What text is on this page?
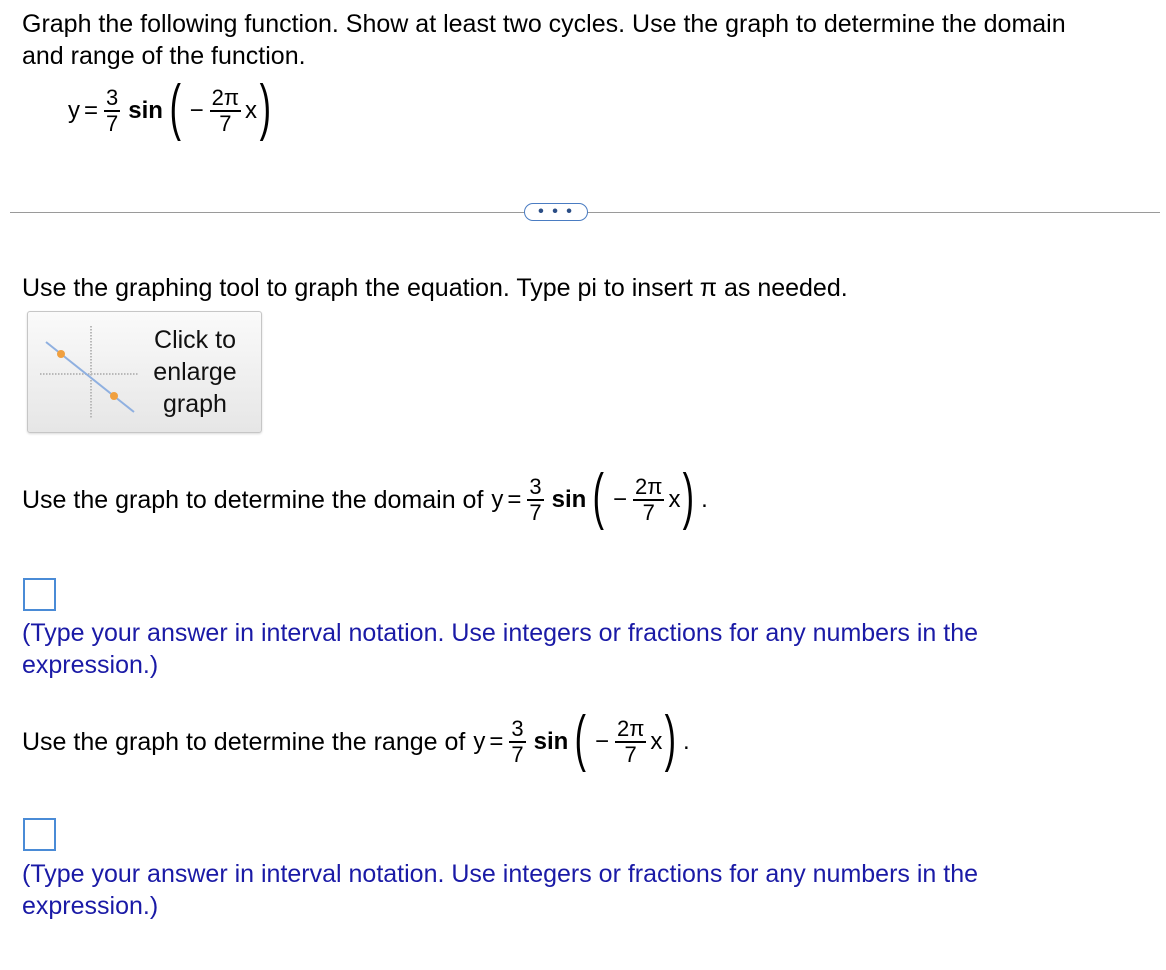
Graph the following function. Show at least two cycles. Use the graph to determine the domain
and range of the function.
$y = \frac{3}{7}$ sin ( − $\frac{2\pi}{7}$ x )
• • •
Use the graphing tool to graph the equation. Type pi to insert π as needed.
Click to
enlarge
graph
Use the graph to determine the domain of $y = \frac{3}{7}$ sin ( − $\frac{2\pi}{7}$ x ) .
(Type your answer in interval notation. Use integers or fractions for any numbers in the
expression.)
Use the graph to determine the range of $y = \frac{3}{7}$ sin ( − $\frac{2\pi}{7}$ x ) .
(Type your answer in interval notation. Use integers or fractions for any numbers in the
expression.)
